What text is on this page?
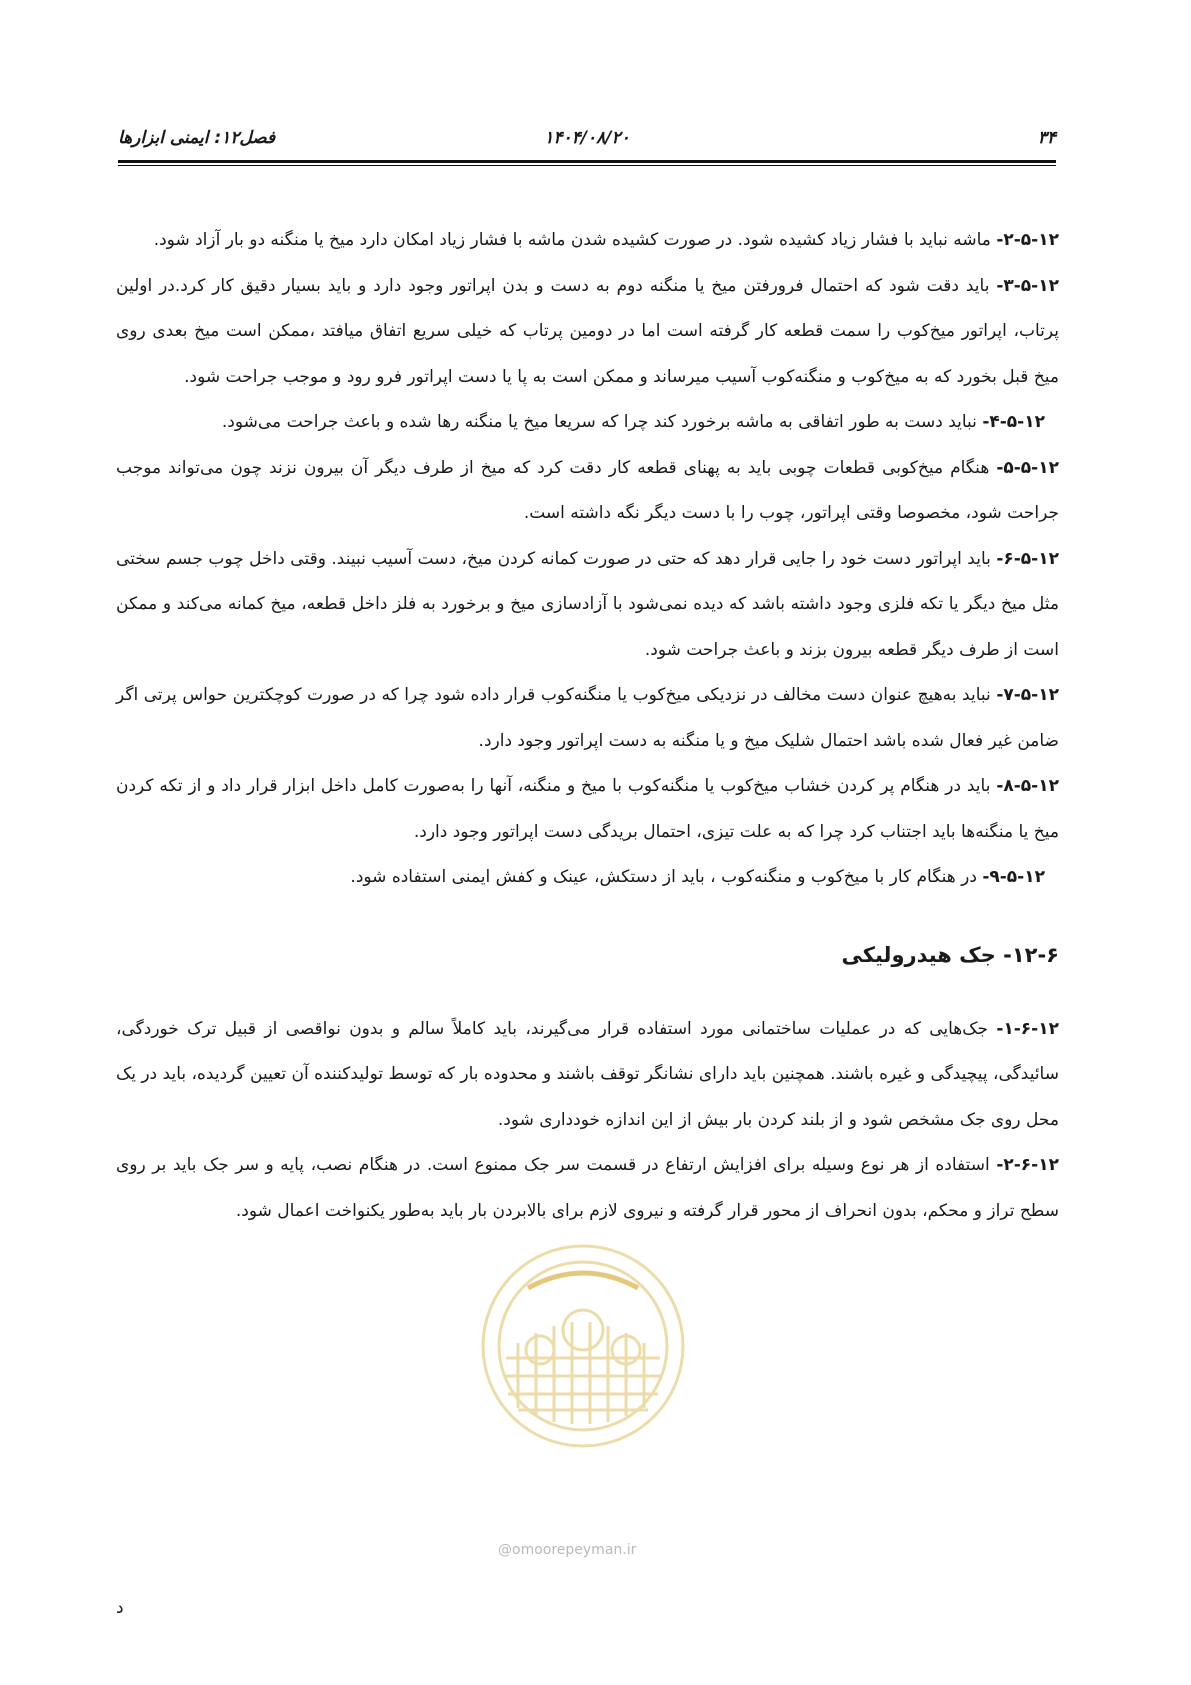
۳۴
۱۴۰۴/۰۸/۲۰
فصل۱۲: ایمنی ابزارها
@omoorepeyman.ir

۲-۵-۱۲- ماشه نباید با فشار زیاد کشیده شود. در صورت کشیده شدن ماشه با فشار زیاد امکان دارد میخ یا منگنه دو بار آزاد شود.

۳-۵-۱۲- باید دقت شود که احتمال فرورفتن میخ یا منگنه دوم به دست و بدن اپراتور وجود دارد و باید بسیار دقیق کار کرد.در اولین پرتاب، اپراتور میخ‌کوب را سمت قطعه کار گرفته است اما در دومین پرتاب که خیلی سریع اتفاق میافتد ،ممکن است میخ بعدی روی میخ قبل بخورد که به میخ‌کوب و منگنه‌کوب آسیب میرساند و ممکن است به پا یا دست اپراتور فرو رود و موجب جراحت شود.

۴-۵-۱۲- نباید دست به طور اتفاقی به ماشه برخورد کند چرا که سریعا میخ یا منگنه رها شده و باعث جراحت می‌شود.

۵-۵-۱۲- هنگام میخ‌کوبی قطعات چوبی باید به پهنای قطعه کار دقت کرد که میخ از طرف دیگر آن بیرون نزند چون می‌تواند موجب جراحت شود، مخصوصا وقتی اپراتور، چوب را با دست دیگر نگه داشته است.

۶-۵-۱۲- باید اپراتور دست خود را جایی قرار دهد که حتی در صورت کمانه کردن میخ، دست آسیب نبیند. وقتی داخل چوب جسم سختی مثل میخ دیگر یا تکه فلزی وجود داشته باشد که دیده نمی‌شود با آزادسازی میخ و برخورد به فلز داخل قطعه، میخ کمانه می‌کند و ممکن است از طرف دیگر قطعه بیرون بزند و باعث جراحت شود.

۷-۵-۱۲- نباید به‌هیچ عنوان دست مخالف در نزدیکی میخ‌کوب یا منگنه‌کوب قرار داده شود چرا که در صورت کوچکترین حواس پرتی اگر ضامن غیر فعال شده باشد احتمال شلیک میخ و یا منگنه به دست اپراتور وجود دارد.

۸-۵-۱۲- باید در هنگام پر کردن خشاب میخ‌کوب یا منگنه‌کوب با میخ و منگنه، آنها را به‌صورت کامل داخل ابزار قرار داد و از تکه کردن میخ یا منگنه‌ها باید اجتناب کرد چرا که به علت تیزی، احتمال بریدگی دست اپراتور وجود دارد.

۹-۵-۱۲- در هنگام کار با میخ‌کوب و منگنه‌کوب ، باید از دستکش، عینک و کفش ایمنی استفاده شود.

۱۲-۶- جک هیدرولیکی

۱-۶-۱۲- جک‌هایی که در عملیات ساختمانی مورد استفاده قرار می‌گیرند، باید کاملاً سالم و بدون نواقصی از قبیل ترک خوردگی، سائیدگی، پیچیدگی و غیره باشند. همچنین باید دارای نشانگر توقف باشند و محدوده بار که توسط تولیدکننده آن تعیین گردیده، باید در یک محل روی جک مشخص شود و از بلند کردن بار بیش از این اندازه خودداری شود.

۲-۶-۱۲- استفاده از هر نوع وسیله برای افزایش ارتفاع در قسمت سر جک ممنوع است. در هنگام نصب، پایه و سر جک باید بر روی سطح تراز و محکم، بدون انحراف از محور قرار گرفته و نیروی لازم برای بالابردن بار باید به‌طور یکنواخت اعمال شود.

د
